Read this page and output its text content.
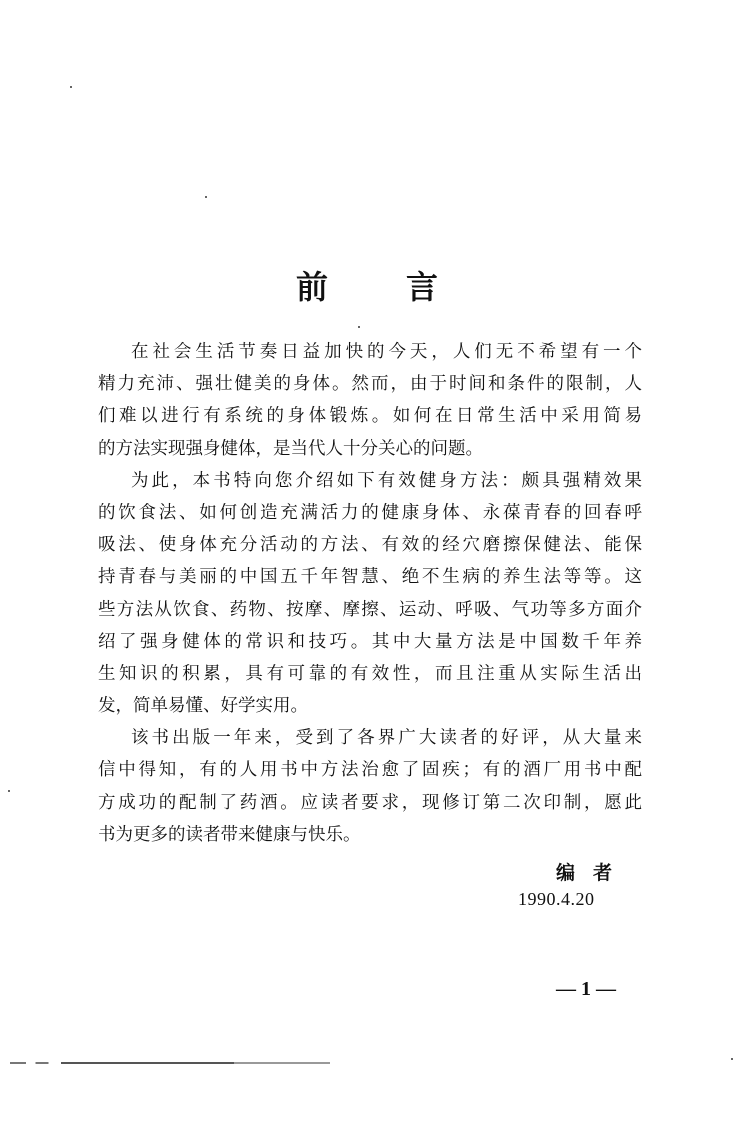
前 言
在社会生活节奏日益加快的今天，人们无不希望有一个
精力充沛、强壮健美的身体。然而，由于时间和条件的限制，人
们难以进行有系统的身体锻炼。如何在日常生活中采用简易
的方法实现强身健体，是当代人十分关心的问题。
为此，本书特向您介绍如下有效健身方法：颇具强精效果
的饮食法、如何创造充满活力的健康身体、永葆青春的回春呼
吸法、使身体充分活动的方法、有效的经穴磨擦保健法、能保
持青春与美丽的中国五千年智慧、绝不生病的养生法等等。这
些方法从饮食、药物、按摩、摩擦、运动、呼吸、气功等多方面介
绍了强身健体的常识和技巧。其中大量方法是中国数千年养
生知识的积累，具有可靠的有效性，而且注重从实际生活出
发，简单易懂、好学实用。
该书出版一年来，受到了各界广大读者的好评，从大量来
信中得知，有的人用书中方法治愈了固疾；有的酒厂用书中配
方成功的配制了药酒。应读者要求，现修订第二次印制，愿此
书为更多的读者带来健康与快乐。
编 者
1990.4.20
— 1 —
